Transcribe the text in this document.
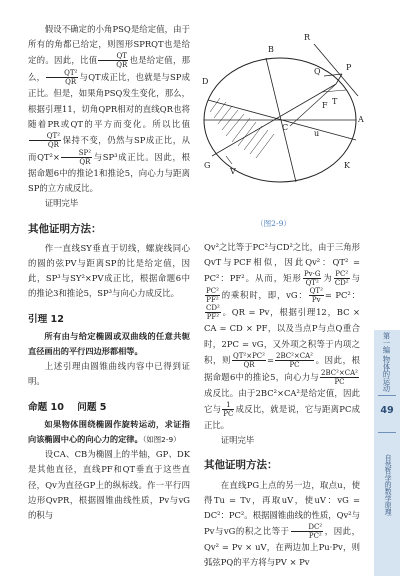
假设不确定的小角PSQ是给定值，由于所有的角都已给定，则图形SPRQT也是给定的。因此，比值 $\frac{QT}{QR}$ 也是给定值，那么， $\frac{\text{QT²}}{QR}$ 与QT成正比，也就是与SP成正比。但是，如果角PSQ发生变化，那么，根据引理11，切角QPR相对的直线QR也将随着PR或QT的平方而变化。所以比值
$\frac{\text{QT²}}{QR}$ 保持不变，仍然与SP成正比，从而$QT^2\times \frac{\text{SP²}}{QR}$ 与SP³成正比。因此，根据命题6中的推论1和推论5，向心力与距离SP的立方成反比。

证明完毕

其他证明方法：

作一直线SY垂直于切线，螺旋线同心的圆的弦PV与距离SP的比是给定值，因此，SP³与SY²×PV成正比，根据命题6中的推论3和推论5，SP³与向心力成反比。

引理 12

所有由与给定椭圆或双曲线的任意共轭直径画出的平行四边形都相等。

上述引理由圆锥曲线内容中已得到证明。

命题 10 问题 5

如果物体围绕椭圆作旋转运动，求证指向该椭圆中心的向心力的定律。（如图2-9）

设CA、CB为椭圆上的半轴，GP、DK是其他直径，直线PF和QT垂直于这些直径，Qv为直径GP上的纵标线。作一平行四边形QvPR，根据圆锥曲线性质，Pv与vG的积与

D
B
R
P
Q
F T
A
C
u
G
V
K
（图2-9）

Qv²之比等于PC²与CD²之比，由于三角形QvT与PCF相似，因此Qv²：QT² = PC²：PF²。从而，矩形 $\frac{Pv\cdot G}{\text{QT²}}$ 为 $\frac{\text{PC²}}{\text{CD²}}$ 与
$\frac{\text{PC²}}{\text{PF²}}$ 的乘积时，即，vG： $\frac{\text{QT²}}{Pv} = PC^2$：
$\frac{\text{CD²}}{\text{PF²}}$ 。QR = Pv，根据引理12，BC × CA = CD × PF，以及当点P与点Q重合时，2PC = vG，又外项之积等于内项之积，则 $\frac{\text{QT²×PC²}}{QR} = \frac{\text{2BC²×CA²}}{PC}$ 。因此，根据命题6中的推论5，向心力与 $\frac{\text{2BC²×CA²}}{PC}$
成反比。由于2BC²×CA²是给定值，因此它与 $\frac{1}{PC}$ 成反比，就是说，它与距离PC成正比。

证明完毕

其他证明方法：

在直线PG上点的另一边，取点u，使得Tu = Tv，再取uV，使uV：vG = DC²：PC²。根据圆锥曲线的性质，Qv²与Pv与vG的积之比等于 $\frac{\text{DC²}}{\text{PC²}}$ ，因此，Qv² = Pv × uV，在两边加上Pu·Pv，则弧弦PQ的平方将与PV × Pv

第一编 物体的运动
49
自然哲学的数学原理
